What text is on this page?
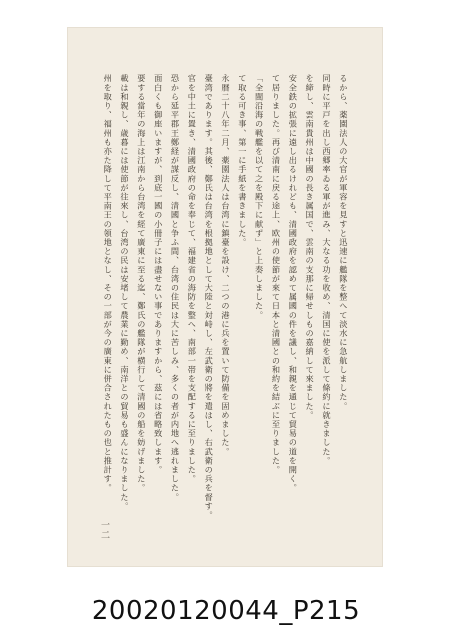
るから、薬園法人の大官が軍容を見すと迅速に艦隊を整へて淡水に急航しました。

同時に平戸を出し西郷率ゐる軍が進み、大なる功を收め、清国に使を派して條約に就きました。

を締し、雲南貴州は中國の長き属国で、雲南の支那に帰せしもの嘉納して來ました。

安全鉄の拡張に遠し出るけれども、清國政府を認めて属國の件を議し、和親を通じて貿易の道を開く。

て居りました。再び清南に戻る途上、欧州の使節が來て日本と清國との和約を結ぶに至りました。

「全閩沿海の戦艦を以て之を殿下に献ず」と上奏しました。

て取る可き事、第一に手紙を書きました。

永暦二十八年二月、薬園法人は台湾に鎮臺を設け、二つの港に兵を置いて防備を固めました。

臺湾であります。其後、鄭氏は台湾を根拠地として大陸と対峙し、左武衛の將を遣はし、右武衛の兵を督す。

官を中土に置き、清國政府の命を奉じて、福建省の海防を整へ、南部一帯を支配するに至りました。

恐から延平郡王鄭経が謀反し、清國と争ふ間、台湾の住民は大に苦しみ、多くの者が内地へ逃れました。

面白くも御座いますが、到底一國の小冊子には盡せない事でありますから、茲には省略致します。

要する當年の海上は江南から台湾を經て廣東に至る迄、鄭氏の艦隊が横行して清國の船を妨げました。

載は和親し、歳暮には使節が往來し、台湾の民は安堵して農業に勤め、南洋との貿易も盛んになりました。

州を取り、福州も亦た降して平南王の領地となし、その一部が今の廣東に併合されたもの也と推計す。

一二
20020120044_P215
